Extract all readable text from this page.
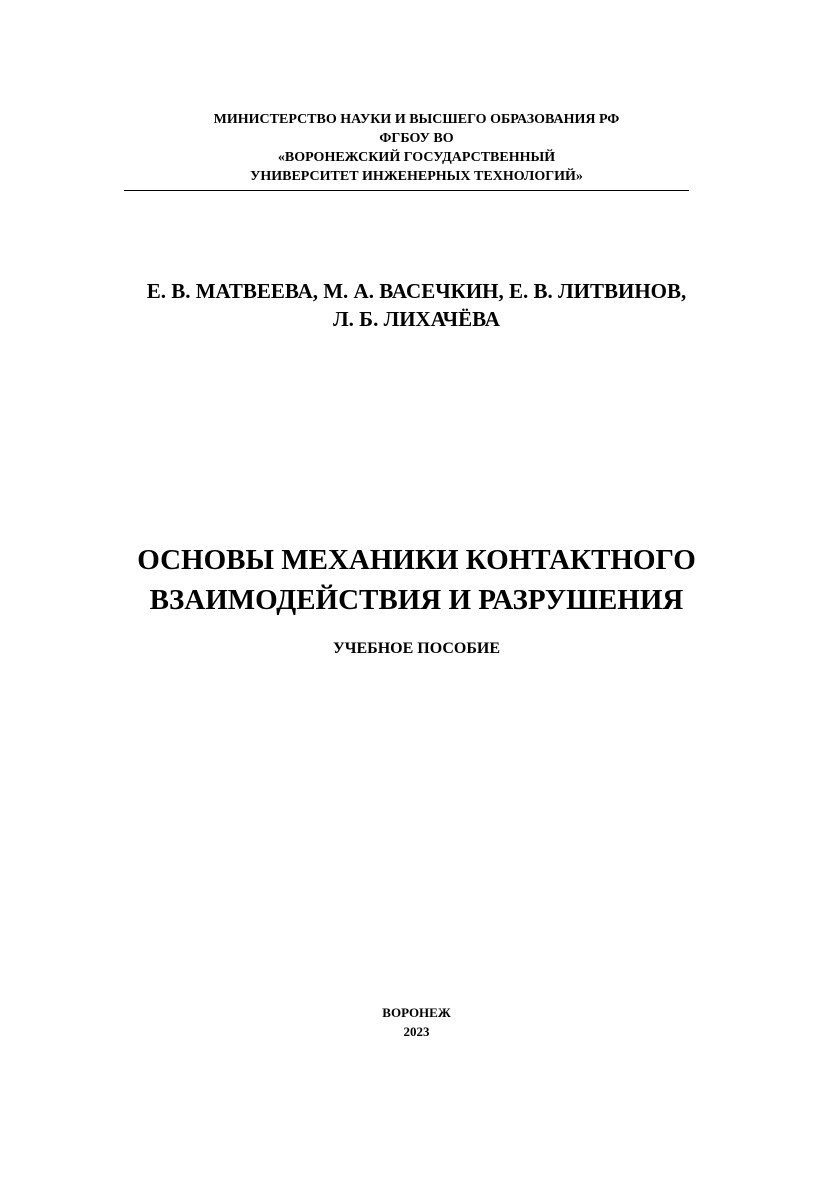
МИНИСТЕРСТВО НАУКИ И ВЫСШЕГО ОБРАЗОВАНИЯ РФ
ФГБОУ ВО
«ВОРОНЕЖСКИЙ ГОСУДАРСТВЕННЫЙ
УНИВЕРСИТЕТ ИНЖЕНЕРНЫХ ТЕХНОЛОГИЙ»
Е. В. МАТВЕЕВА, М. А. ВАСЕЧКИН, Е. В. ЛИТВИНОВ,
Л. Б. ЛИХАЧЁВА
ОСНОВЫ МЕХАНИКИ КОНТАКТНОГО
ВЗАИМОДЕЙСТВИЯ И РАЗРУШЕНИЯ
УЧЕБНОЕ ПОСОБИЕ
ВОРОНЕЖ
2023
